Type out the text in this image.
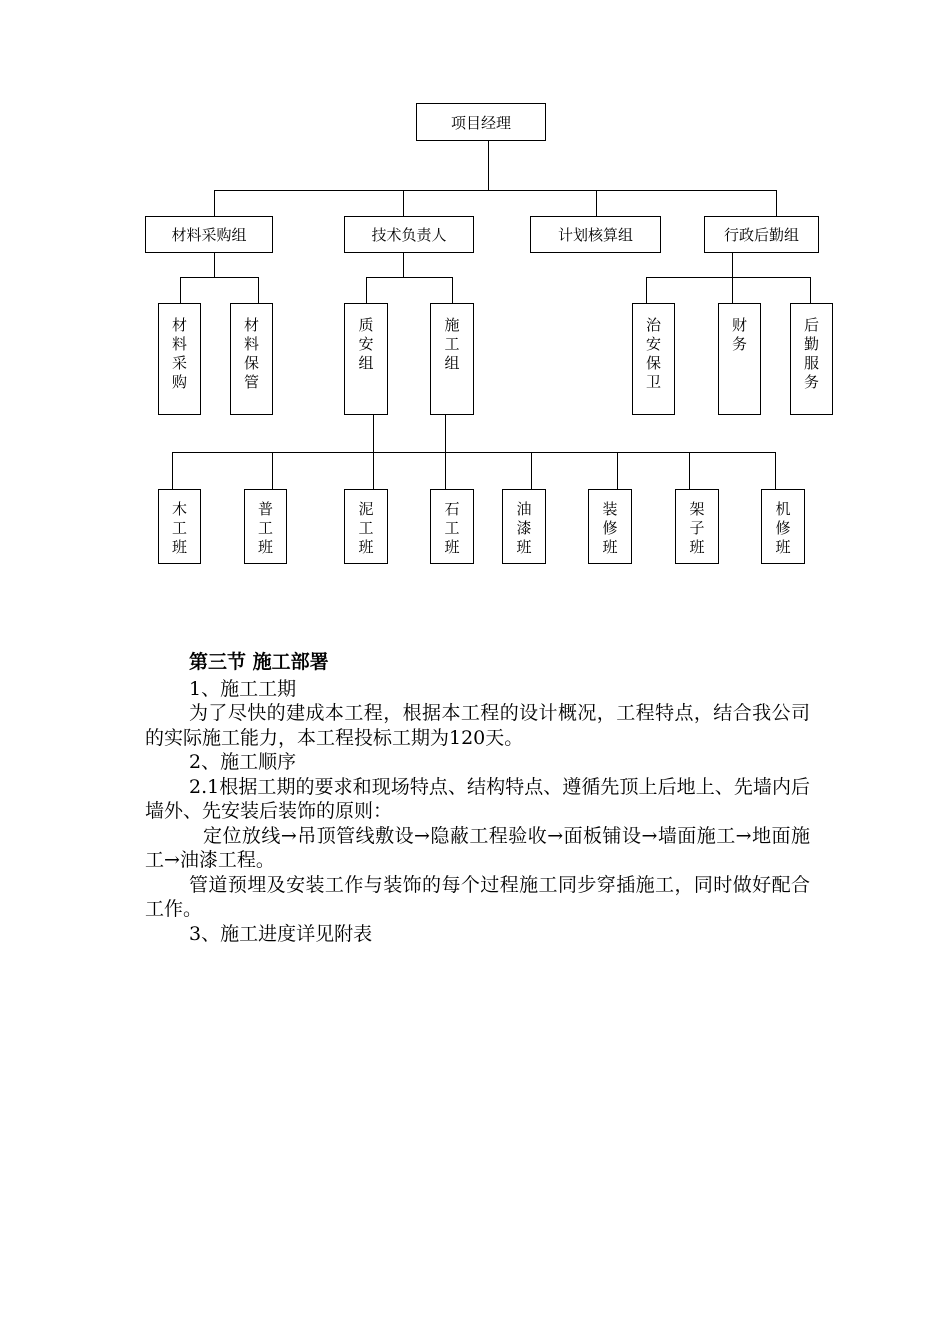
项目经理
材料采购组	技术负责人	计划核算组	行政后勤组
材料采购
材料保管
质安组
施工组
治安保卫
财务
后勤服务
木工班
普工班
泥工班
石工班
油漆班
装修班
架子班
机修班

第三节 施工部署

1、施工工期

为了尽快的建成本工程，根据本工程的设计概况，工程特点，结合我公司的实际施工能力，本工程投标工期为120天。

2、施工顺序

2.1根据工期的要求和现场特点、结构特点、遵循先顶上后地上、先墙内后墙外、先安装后装饰的原则：

定位放线→吊顶管线敷设→隐蔽工程验收→面板铺设→墙面施工→地面施工→油漆工程。

管道预埋及安装工作与装饰的每个过程施工同步穿插施工，同时做好配合工作。

3、施工进度详见附表
